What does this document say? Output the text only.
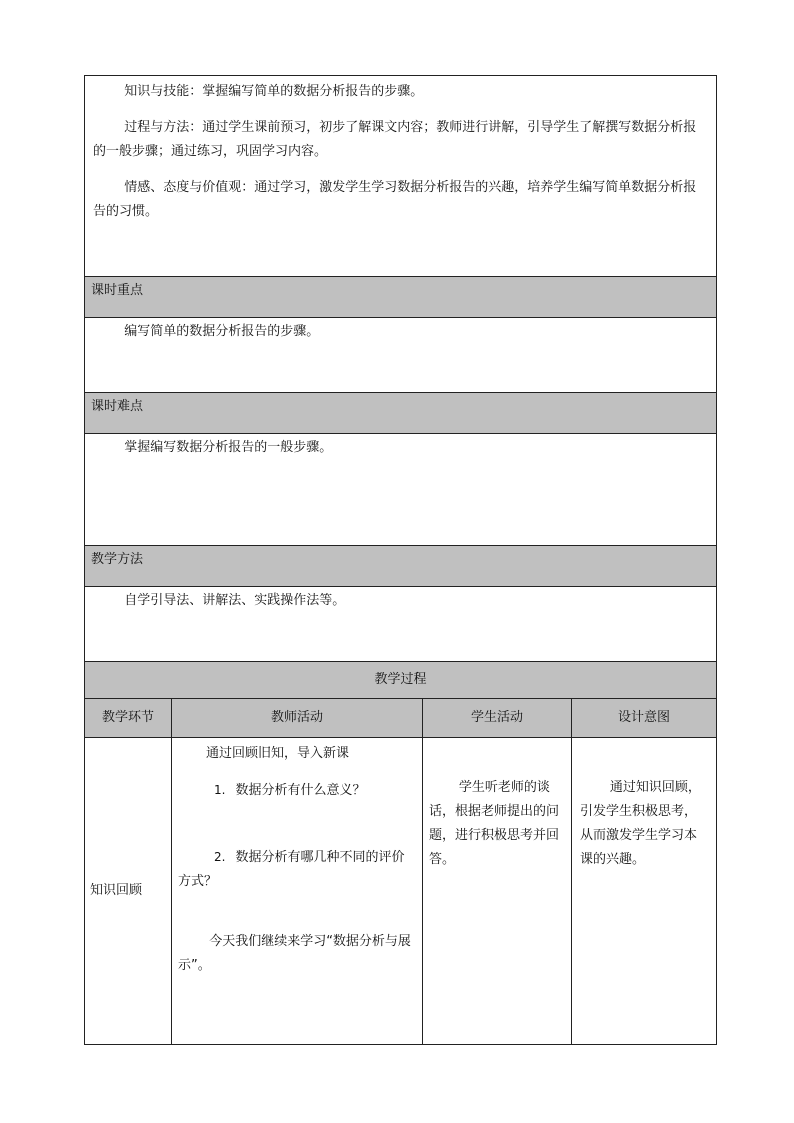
知识与技能：掌握编写简单的数据分析报告的步骤。

过程与方法：通过学生课前预习，初步了解课文内容；教师进行讲解，引导学生了解撰写数据分析报的一般步骤；通过练习，巩固学习内容。

情感、态度与价值观：通过学习，激发学生学习数据分析报告的兴趣，培养学生编写简单数据分析报告的习惯。			

课时重点			

编写简单的数据分析报告的步骤。			

课时难点			

掌握编写数据分析报告的一般步骤。			

教学方法			

自学引导法、讲解法、实践操作法等。			

教学过程			
教学环节	教师活动	学生活动	设计意图
知识回顾	通过回顾旧知，导入新课

1. 数据分析有什么意义？

2. 数据分析有哪几种不同的评价方式？

今天我们继续来学习“数据分析与展示”。	学生听老师的谈话，根据老师提出的问题，进行积极思考并回答。	通过知识回顾，引发学生积极思考，从而激发学生学习本课的兴趣。
